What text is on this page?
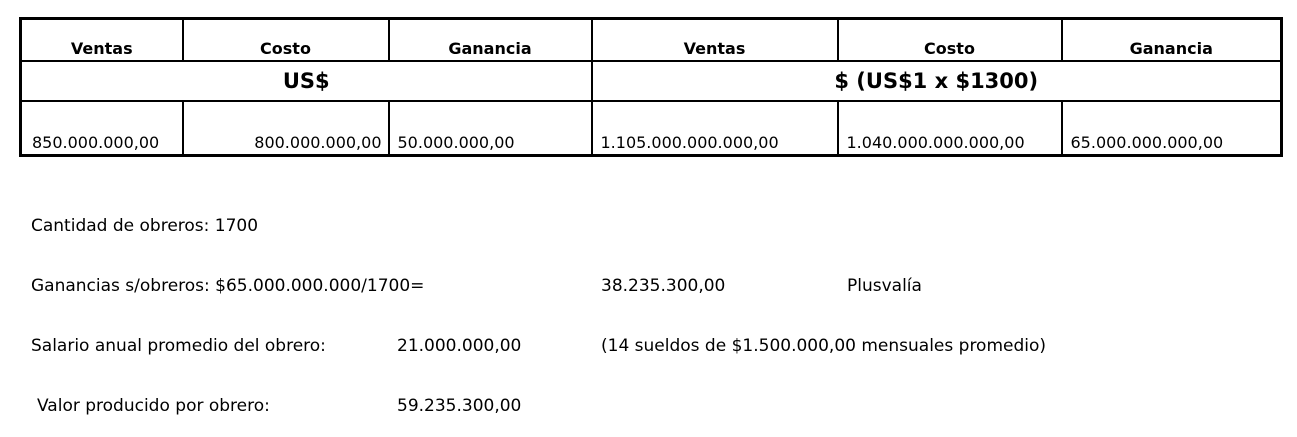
Ventas	Costo	Ganancia	Ventas	Costo	Ganancia
US$			$ (US$1 x $1300)		
850.000.000,00	800.000.000,00	50.000.000,00	1.105.000.000.000,00	1.040.000.000.000,00	65.000.000.000,00
Cantidad de obreros: 1700
Ganancias s/obreros: $65.000.000.000/1700=	38.235.300,00	Plusvalía
Salario anual promedio del obrero:	21.000.000,00	(14 sueldos de $1.500.000,00 mensuales promedio)
Valor producido por obrero:	59.235.300,00
